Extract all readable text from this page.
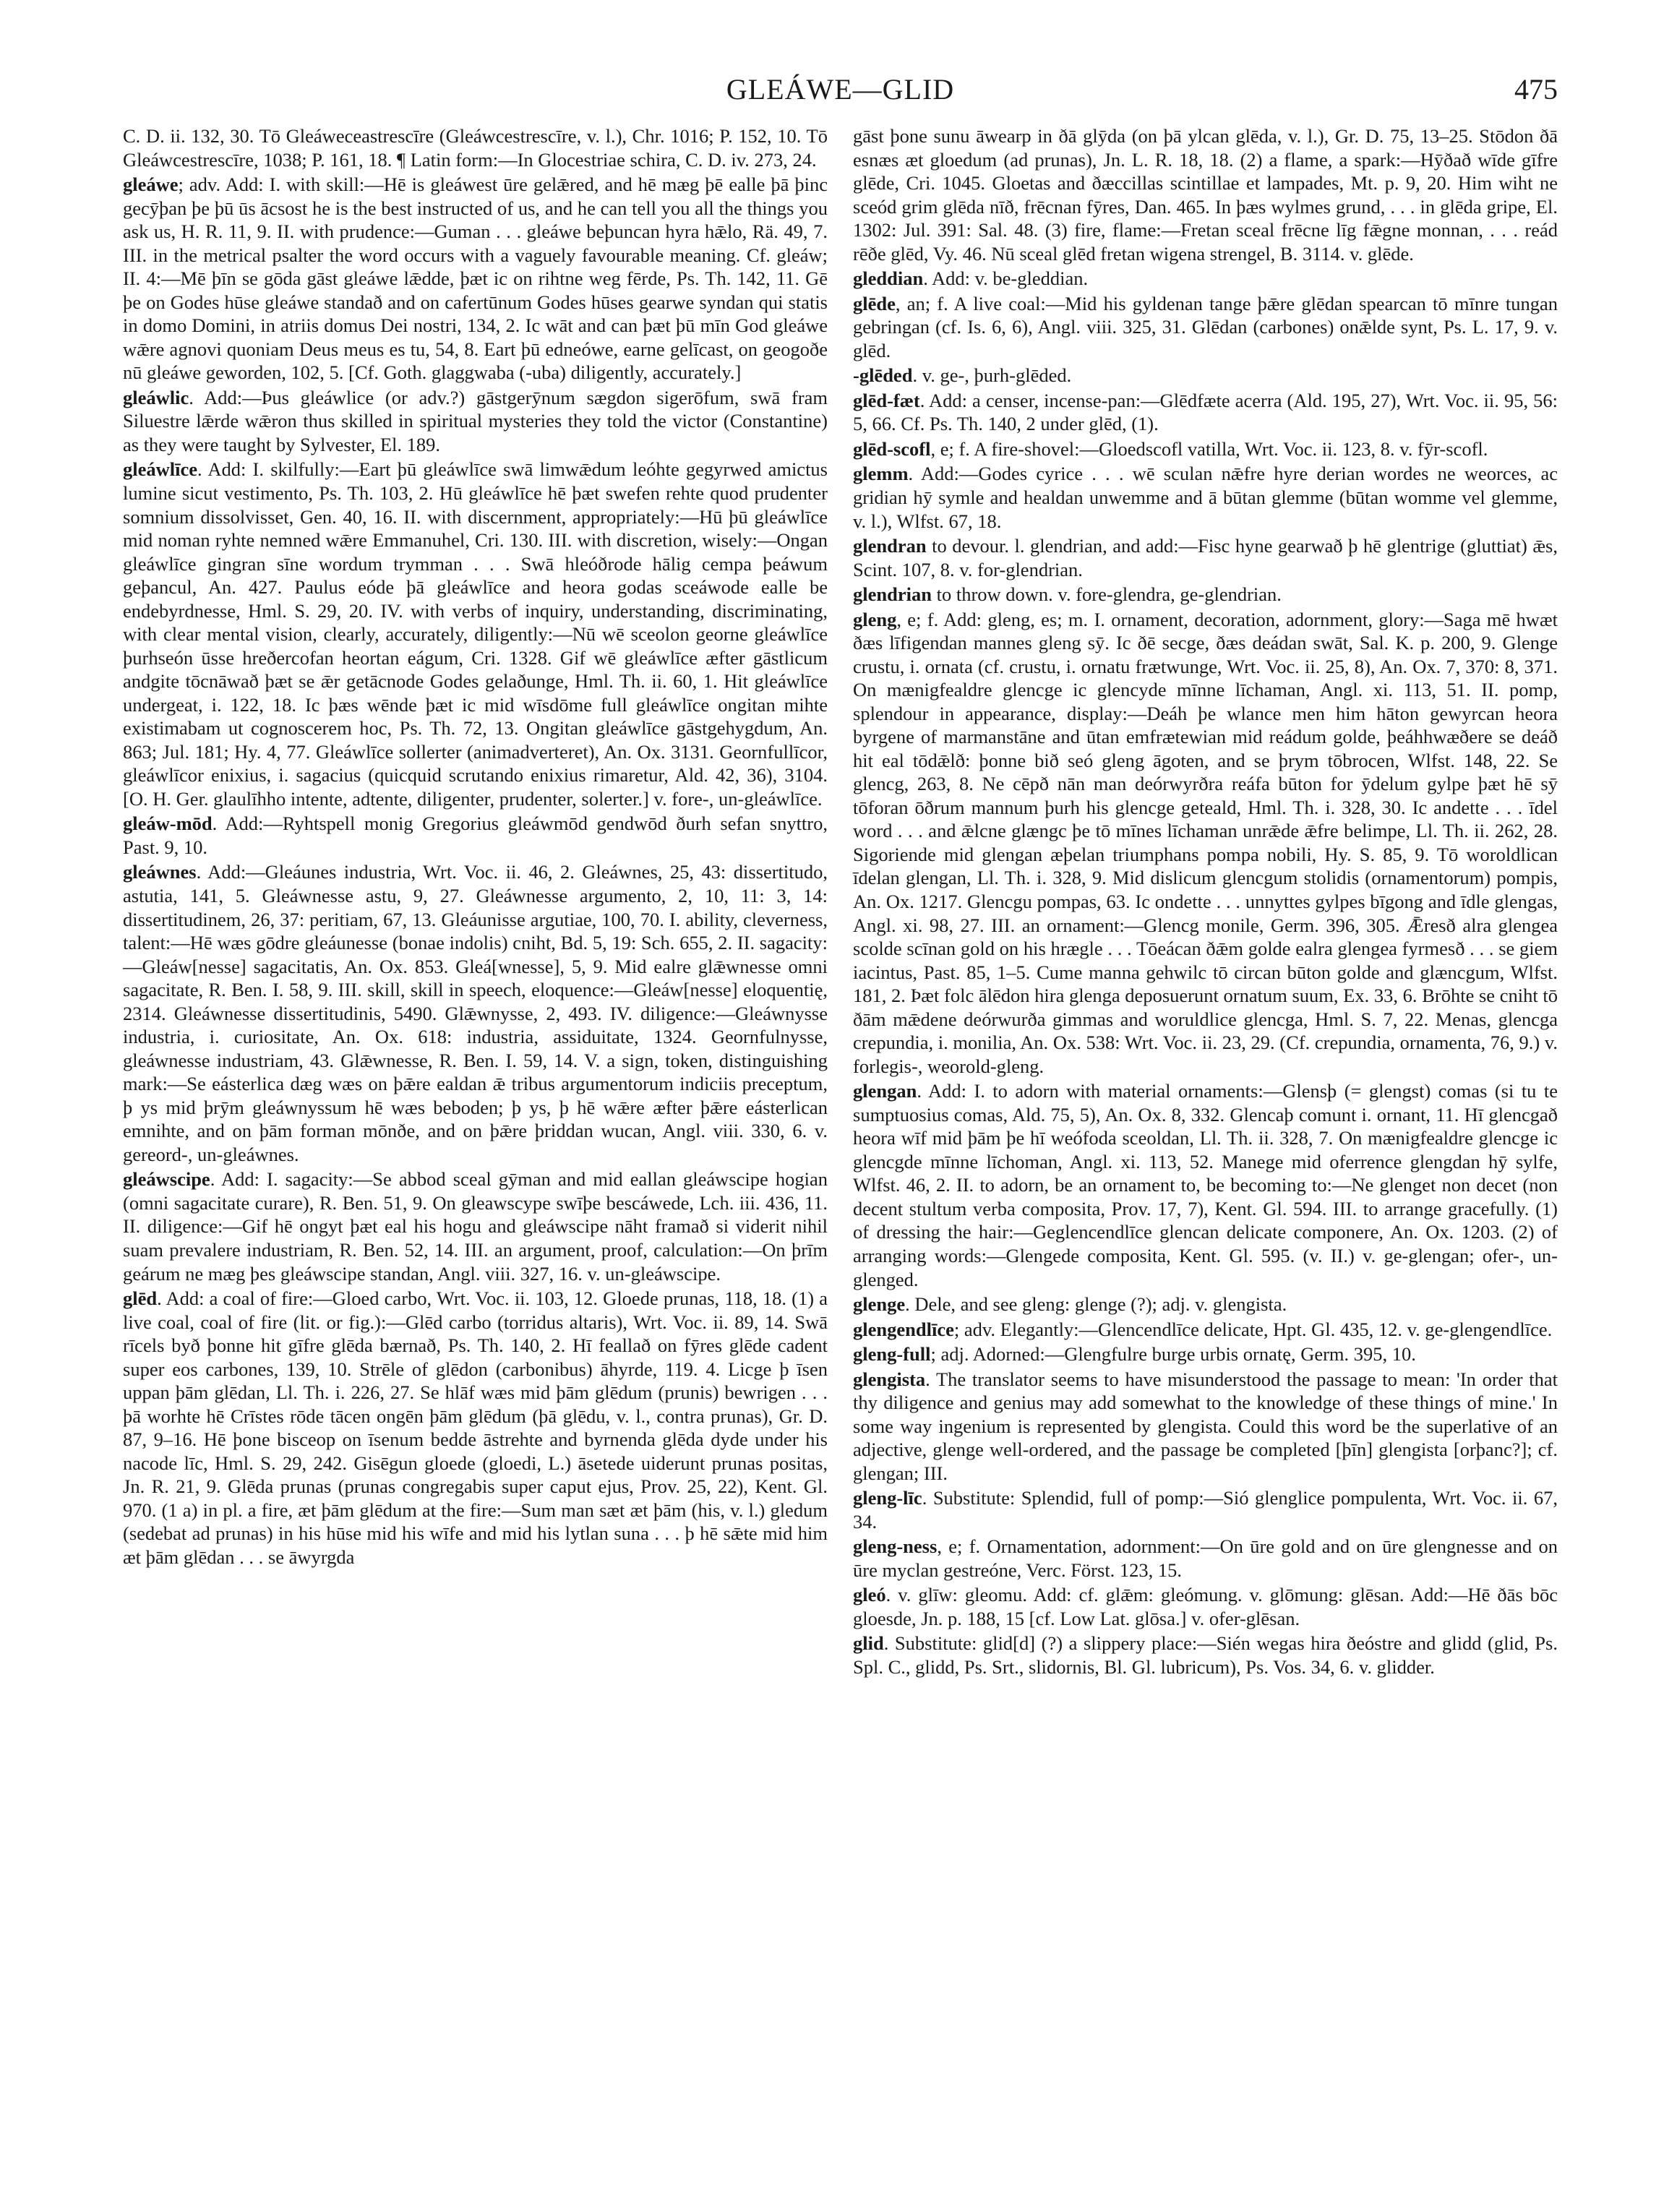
GLEÁWE—GLID	475

C. D. ii. 132, 30. Tō Gleáweceastrescīre (Gleáwcestrescīre, v. l.), Chr. 1016; P. 152, 10. Tō Gleáwcestrescīre, 1038; P. 161, 18. ¶ Latin form:—In Glocestriae schira, C. D. iv. 273, 24.

gleáwe; adv. Add: I. with skill:—Hē is gleáwest ūre gelǣred, and hē mæg þē ealle þā þinc gecȳþan þe þū ūs ācsost he is the best instructed of us, and he can tell you all the things you ask us, H. R. 11, 9. II. with prudence:—Guman . . . gleáwe beþuncan hyra hǣlo, Rä. 49, 7. III. in the metrical psalter the word occurs with a vaguely favourable meaning. Cf. gleáw; II. 4:—Mē þīn se gōda gāst gleáwe lǣdde, þæt ic on rihtne weg fērde, Ps. Th. 142, 11. Gē þe on Godes hūse gleáwe standað and on cafertūnum Godes hūses gearwe syndan qui statis in domo Domini, in atriis domus Dei nostri, 134, 2. Ic wāt and can þæt þū mīn God gleáwe wǣre agnovi quoniam Deus meus es tu, 54, 8. Eart þū edneówe, earne gelīcast, on geogoðe nū gleáwe geworden, 102, 5. [Cf. Goth. glaggwaba (-uba) diligently, accurately.]

gleáwlic. Add:—Þus gleáwlice (or adv.?) gāstgerȳnum sægdon sigerōfum, swā fram Siluestre lǣrde wǣron thus skilled in spiritual mysteries they told the victor (Constantine) as they were taught by Sylvester, El. 189.

gleáwlīce. Add: I. skilfully:—Eart þū gleáwlīce swā limwǣdum leóhte gegyrwed amictus lumine sicut vestimento, Ps. Th. 103, 2. Hū gleáwlīce hē þæt swefen rehte quod prudenter somnium dissolvisset, Gen. 40, 16. II. with discernment, appropriately:—Hū þū gleáwlīce mid noman ryhte nemned wǣre Emmanuhel, Cri. 130. III. with discretion, wisely:—Ongan gleáwlīce gingran sīne wordum trymman . . . Swā hleóðrode hālig cempa þeáwum geþancul, An. 427. Paulus eóde þā gleáwlīce and heora godas sceáwode ealle be endebyrdnesse, Hml. S. 29, 20. IV. with verbs of inquiry, understanding, discriminating, with clear mental vision, clearly, accurately, diligently:—Nū wē sceolon georne gleáwlīce þurhseón ūsse hreðercofan heortan eágum, Cri. 1328. Gif wē gleáwlīce æfter gāstlicum andgite tōcnāwað þæt se ǣr getācnode Godes gelaðunge, Hml. Th. ii. 60, 1. Hit gleáwlīce undergeat, i. 122, 18. Ic þæs wēnde þæt ic mid wīsdōme full gleáwlīce ongitan mihte existimabam ut cognoscerem hoc, Ps. Th. 72, 13. Ongitan gleáwlīce gāstgehygdum, An. 863; Jul. 181; Hy. 4, 77. Gleáwlīce sollerter (animadverteret), An. Ox. 3131. Geornfullīcor, gleáwlīcor enixius, i. sagacius (quicquid scrutando enixius rimaretur, Ald. 42, 36), 3104. [O. H. Ger. glaulīhho intente, adtente, diligenter, prudenter, solerter.] v. fore-, un-gleáwlīce.

gleáw-mōd. Add:—Ryhtspell monig Gregorius gleáwmōd gendwōd ðurh sefan snyttro, Past. 9, 10.

gleáwnes. Add:—Gleáunes industria, Wrt. Voc. ii. 46, 2. Gleáwnes, 25, 43: dissertitudo, astutia, 141, 5. Gleáwnesse astu, 9, 27. Gleáwnesse argumento, 2, 10, 11: 3, 14: dissertitudinem, 26, 37: peritiam, 67, 13. Gleáunisse argutiae, 100, 70. I. ability, cleverness, talent:—Hē wæs gōdre gleáunesse (bonae indolis) cniht, Bd. 5, 19: Sch. 655, 2. II. sagacity:—Gleáw[nesse] sagacitatis, An. Ox. 853. Gleá[wnesse], 5, 9. Mid ealre glǣwnesse omni sagacitate, R. Ben. I. 58, 9. III. skill, skill in speech, eloquence:—Gleáw[nesse] eloquentię, 2314. Gleáwnesse dissertitudinis, 5490. Glǣwnysse, 2, 493. IV. diligence:—Gleáwnysse industria, i. curiositate, An. Ox. 618: industria, assiduitate, 1324. Geornfulnysse, gleáwnesse industriam, 43. Glǣwnesse, R. Ben. I. 59, 14. V. a sign, token, distinguishing mark:—Se eásterlica dæg wæs on þǣre ealdan ǣ tribus argumentorum indiciis preceptum, þ ys mid þrȳm gleáwnyssum hē wæs beboden; þ ys, þ hē wǣre æfter þǣre eásterlican emnihte, and on þām forman mōnðe, and on þǣre þriddan wucan, Angl. viii. 330, 6. v. gereord-, un-gleáwnes.

gleáwscipe. Add: I. sagacity:—Se abbod sceal gȳman and mid eallan gleáwscipe hogian (omni sagacitate curare), R. Ben. 51, 9. On gleawscype swīþe bescáwede, Lch. iii. 436, 11. II. diligence:—Gif hē ongyt þæt eal his hogu and gleáwscipe nāht framað si viderit nihil suam prevalere industriam, R. Ben. 52, 14. III. an argument, proof, calculation:—On þrīm geárum ne mæg þes gleáwscipe standan, Angl. viii. 327, 16. v. un-gleáwscipe.

glēd. Add: a coal of fire:—Gloed carbo, Wrt. Voc. ii. 103, 12. Gloede prunas, 118, 18. (1) a live coal, coal of fire (lit. or fig.):—Glēd carbo (torridus altaris), Wrt. Voc. ii. 89, 14. Swā rīcels byð þonne hit gīfre glēda bærnað, Ps. Th. 140, 2. Hī feallað on fȳres glēde cadent super eos carbones, 139, 10. Strēle of glēdon (carbonibus) āhyrde, 119. 4. Licge þ īsen uppan þām glēdan, Ll. Th. i. 226, 27. Se hlāf wæs mid þām glēdum (prunis) bewrigen . . . þā worhte hē Crīstes rōde tācen ongēn þām glēdum (þā glēdu, v. l., contra prunas), Gr. D. 87, 9–16. Hē þone bisceop on īsenum bedde āstrehte and byrnenda glēda dyde under his nacode līc, Hml. S. 29, 242. Gisēgun gloede (gloedi, L.) āsetede uiderunt prunas positas, Jn. R. 21, 9. Glēda prunas (prunas congregabis super caput ejus, Prov. 25, 22), Kent. Gl. 970. (1 a) in pl. a fire, æt þām glēdum at the fire:—Sum man sæt æt þām (his, v. l.) gledum (sedebat ad prunas) in his hūse mid his wīfe and mid his lytlan suna . . . þ hē sǣte mid him æt þām glēdan . . . se āwyrgda

gāst þone sunu āwearp in ðā glȳda (on þā ylcan glēda, v. l.), Gr. D. 75, 13–25. Stōdon ðā esnæs æt gloedum (ad prunas), Jn. L. R. 18, 18. (2) a flame, a spark:—Hȳðað wīde gīfre glēde, Cri. 1045. Gloetas and ðæccillas scintillae et lampades, Mt. p. 9, 20. Him wiht ne sceód grim glēda nīð, frēcnan fȳres, Dan. 465. In þæs wylmes grund, . . . in glēda gripe, El. 1302: Jul. 391: Sal. 48. (3) fire, flame:—Fretan sceal frēcne līg fǣgne monnan, . . . reád rēðe glēd, Vy. 46. Nū sceal glēd fretan wigena strengel, B. 3114. v. glēde.

gleddian. Add: v. be-gleddian.

glēde, an; f. A live coal:—Mid his gyldenan tange þǣre glēdan spearcan tō mīnre tungan gebringan (cf. Is. 6, 6), Angl. viii. 325, 31. Glēdan (carbones) onǣlde synt, Ps. L. 17, 9. v. glēd.

-glēded. v. ge-, þurh-glēded.

glēd-fæt. Add: a censer, incense-pan:—Glēdfæte acerra (Ald. 195, 27), Wrt. Voc. ii. 95, 56: 5, 66. Cf. Ps. Th. 140, 2 under glēd, (1).

glēd-scofl, e; f. A fire-shovel:—Gloedscofl vatilla, Wrt. Voc. ii. 123, 8. v. fȳr-scofl.

glemm. Add:—Godes cyrice . . . wē sculan nǣfre hyre derian wordes ne weorces, ac gridian hȳ symle and healdan unwemme and ā būtan glemme (būtan womme vel glemme, v. l.), Wlfst. 67, 18.

glendran to devour. l. glendrian, and add:—Fisc hyne gearwað þ hē glentrige (gluttiat) ǣs, Scint. 107, 8. v. for-glendrian.

glendrian to throw down. v. fore-glendra, ge-glendrian.

gleng, e; f. Add: gleng, es; m. I. ornament, decoration, adornment, glory:—Saga mē hwæt ðæs līfigendan mannes gleng sȳ. Ic ðē secge, ðæs deádan swāt, Sal. K. p. 200, 9. Glenge crustu, i. ornata (cf. crustu, i. ornatu frætwunge, Wrt. Voc. ii. 25, 8), An. Ox. 7, 370: 8, 371. On mænigfealdre glencge ic glencyde mīnne līchaman, Angl. xi. 113, 51. II. pomp, splendour in appearance, display:—Deáh þe wlance men him hāton gewyrcan heora byrgene of marmanstāne and ūtan emfrætewian mid reádum golde, þeáhhwæðere se deáð hit eal tōdǣlð: þonne bið seó gleng āgoten, and se þrym tōbrocen, Wlfst. 148, 22. Se glencg, 263, 8. Ne cēpð nān man deórwyrðra reáfa būton for ȳdelum gylpe þæt hē sȳ tōforan ōðrum mannum þurh his glencge geteald, Hml. Th. i. 328, 30. Ic andette . . . īdel word . . . and ǣlcne glængc þe tō mīnes līchaman unrǣde ǣfre belimpe, Ll. Th. ii. 262, 28. Sigoriende mid glengan æþelan triumphans pompa nobili, Hy. S. 85, 9. Tō woroldlican īdelan glengan, Ll. Th. i. 328, 9. Mid dislicum glencgum stolidis (ornamentorum) pompis, An. Ox. 1217. Glencgu pompas, 63. Ic ondette . . . unnyttes gylpes bīgong and īdle glengas, Angl. xi. 98, 27. III. an ornament:—Glencg monile, Germ. 396, 305. Ǣresð alra glengea scolde scīnan gold on his hrægle . . . Tōeácan ðǣm golde ealra glengea fyrmesð . . . se giem iacintus, Past. 85, 1–5. Cume manna gehwilc tō circan būton golde and glæncgum, Wlfst. 181, 2. Þæt folc ālēdon hira glenga deposuerunt ornatum suum, Ex. 33, 6. Brōhte se cniht tō ðām mǣdene deórwurða gimmas and woruldlice glencga, Hml. S. 7, 22. Menas, glencga crepundia, i. monilia, An. Ox. 538: Wrt. Voc. ii. 23, 29. (Cf. crepundia, ornamenta, 76, 9.) v. forlegis-, weorold-gleng.

glengan. Add: I. to adorn with material ornaments:—Glensþ (= glengst) comas (si tu te sumptuosius comas, Ald. 75, 5), An. Ox. 8, 332. Glencaþ comunt i. ornant, 11. Hī glencgað heora wīf mid þām þe hī weófoda sceoldan, Ll. Th. ii. 328, 7. On mænigfealdre glencge ic glencgde mīnne līchoman, Angl. xi. 113, 52. Manege mid oferrence glengdan hȳ sylfe, Wlfst. 46, 2. II. to adorn, be an ornament to, be becoming to:—Ne glenget non decet (non decent stultum verba composita, Prov. 17, 7), Kent. Gl. 594. III. to arrange gracefully. (1) of dressing the hair:—Geglencendlīce glencan delicate componere, An. Ox. 1203. (2) of arranging words:—Glengede composita, Kent. Gl. 595. (v. II.) v. ge-glengan; ofer-, un-glenged.

glenge. Dele, and see gleng: glenge (?); adj. v. glengista.

glengendlīce; adv. Elegantly:—Glencendlīce delicate, Hpt. Gl. 435, 12. v. ge-glengendlīce.

gleng-full; adj. Adorned:—Glengfulre burge urbis ornatę, Germ. 395, 10.

glengista. The translator seems to have misunderstood the passage to mean: 'In order that thy diligence and genius may add somewhat to the knowledge of these things of mine.' In some way ingenium is represented by glengista. Could this word be the superlative of an adjective, glenge well-ordered, and the passage be completed [þīn] glengista [orþanc?]; cf. glengan; III.

gleng-līc. Substitute: Splendid, full of pomp:—Sió glenglice pompulenta, Wrt. Voc. ii. 67, 34.

gleng-ness, e; f. Ornamentation, adornment:—On ūre gold and on ūre glengnesse and on ūre myclan gestreóne, Verc. Först. 123, 15.

gleó. v. glīw: gleomu. Add: cf. glǣm: gleómung. v. glōmung: glēsan. Add:—Hē ðās bōc gloesde, Jn. p. 188, 15 [cf. Low Lat. glōsa.] v. ofer-glēsan.

glid. Substitute: glid[d] (?) a slippery place:—Sién wegas hira ðeóstre and glidd (glid, Ps. Spl. C., glidd, Ps. Srt., slidornis, Bl. Gl. lubricum), Ps. Vos. 34, 6. v. glidder.
